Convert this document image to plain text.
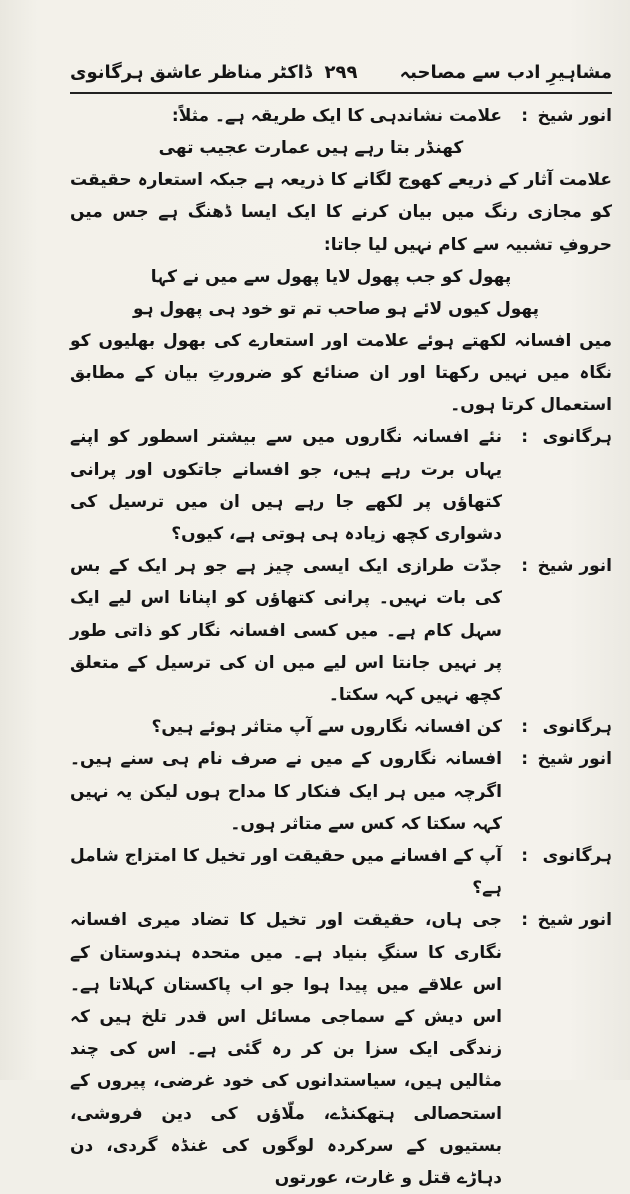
مشاہیرِ ادب سے مصاحبہ
۲۹۹
ڈاکٹر مناظر عاشق ہرگانوی
انور شیخ
:
علامت نشاندہی کا ایک طریقہ ہے۔ مثلاً:
کھنڈر بتا رہے ہیں عمارت عجیب تھی
علامت آثار کے ذریعے کھوج لگانے کا ذریعہ ہے جبکہ استعارہ حقیقت کو مجازی رنگ میں بیان کرنے کا ایک ایسا ڈھنگ ہے جس میں حروفِ تشبیہ سے کام نہیں لیا جاتا:
پھول کو جب پھول لایا پھول سے میں نے کہا
پھول کیوں لائے ہو صاحب تم تو خود ہی پھول ہو
میں افسانہ لکھتے ہوئے علامت اور استعارے کی بھول بھلیوں کو نگاہ میں نہیں رکھتا اور ان صنائع کو ضرورتِ بیان کے مطابق استعمال کرتا ہوں۔
ہرگانوی
:
نئے افسانہ نگاروں میں سے بیشتر اسطور کو اپنے یہاں برت رہے ہیں، جو افسانے جاتکوں اور پرانی کتھاؤں پر لکھے جا رہے ہیں ان میں ترسیل کی دشواری کچھ زیادہ ہی ہوتی ہے، کیوں؟
انور شیخ
:
جدّت طرازی ایک ایسی چیز ہے جو ہر ایک کے بس کی بات نہیں۔ پرانی کتھاؤں کو اپنانا اس لیے ایک سہل کام ہے۔ میں کسی افسانہ نگار کو ذاتی طور پر نہیں جانتا اس لیے میں ان کی ترسیل کے متعلق کچھ نہیں کہہ سکتا۔
ہرگانوی
:
کن افسانہ نگاروں سے آپ متاثر ہوئے ہیں؟
انور شیخ
:
افسانہ نگاروں کے میں نے صرف نام ہی سنے ہیں۔ اگرچہ میں ہر ایک فنکار کا مداح ہوں لیکن یہ نہیں کہہ سکتا کہ کس سے متاثر ہوں۔
ہرگانوی
:
آپ کے افسانے میں حقیقت اور تخیل کا امتزاج شامل ہے؟
انور شیخ
:
جی ہاں، حقیقت اور تخیل کا تضاد میری افسانہ نگاری کا سنگِ بنیاد ہے۔ میں متحدہ ہندوستان کے اس علاقے میں پیدا ہوا جو اب پاکستان کہلاتا ہے۔ اس دیش کے سماجی مسائل اس قدر تلخ ہیں کہ زندگی ایک سزا بن کر رہ گئی ہے۔ اس کی چند مثالیں ہیں، سیاستدانوں کی خود غرضی، پیروں کے استحصالی ہتھکنڈے، ملّاؤں کی دین فروشی، بستیوں کے سرکردہ لوگوں کی غنڈہ گردی، دن دہاڑے قتل و غارت، عورتوں
